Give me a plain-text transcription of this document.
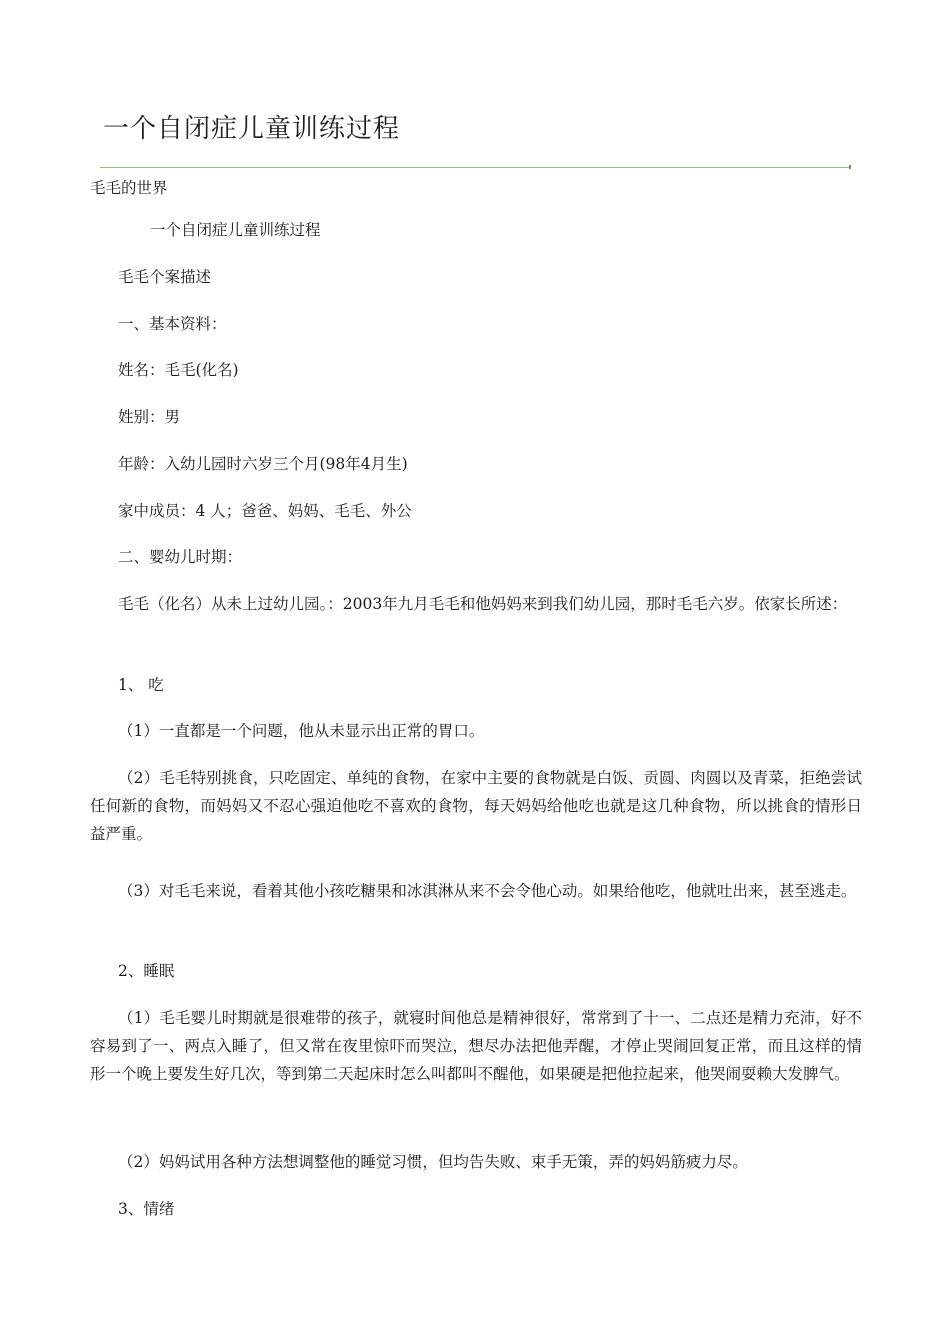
一个自闭症儿童训练过程

毛毛的世界

一个自闭症儿童训练过程

毛毛个案描述

一、基本资料：

姓名：毛毛(化名)

姓别：男

年龄：入幼儿园时六岁三个月(98年4月生)

家中成员：4 人；爸爸、妈妈、毛毛、外公

二、婴幼儿时期：

毛毛（化名）从未上过幼儿园。：2003年九月毛毛和他妈妈来到我们幼儿园，那时毛毛六岁。依家长所述：

1、 吃

（1）一直都是一个问题，他从未显示出正常的胃口。

（2）毛毛特别挑食，只吃固定、单纯的食物，在家中主要的食物就是白饭、贡圆、肉圆以及青菜，拒绝尝试任何新的食物，而妈妈又不忍心强迫他吃不喜欢的食物，每天妈妈给他吃也就是这几种食物，所以挑食的情形日益严重。

（3）对毛毛来说，看着其他小孩吃糖果和冰淇淋从来不会令他心动。如果给他吃，他就吐出来，甚至逃走。

2、睡眠

（1）毛毛婴儿时期就是很难带的孩子，就寝时间他总是精神很好，常常到了十一、二点还是精力充沛，好不容易到了一、两点入睡了，但又常在夜里惊吓而哭泣，想尽办法把他弄醒，才停止哭闹回复正常，而且这样的情形一个晚上要发生好几次，等到第二天起床时怎么叫都叫不醒他，如果硬是把他拉起来，他哭闹耍赖大发脾气。

（2）妈妈试用各种方法想调整他的睡觉习惯，但均告失败、束手无策，弄的妈妈筋疲力尽。

3、情绪
